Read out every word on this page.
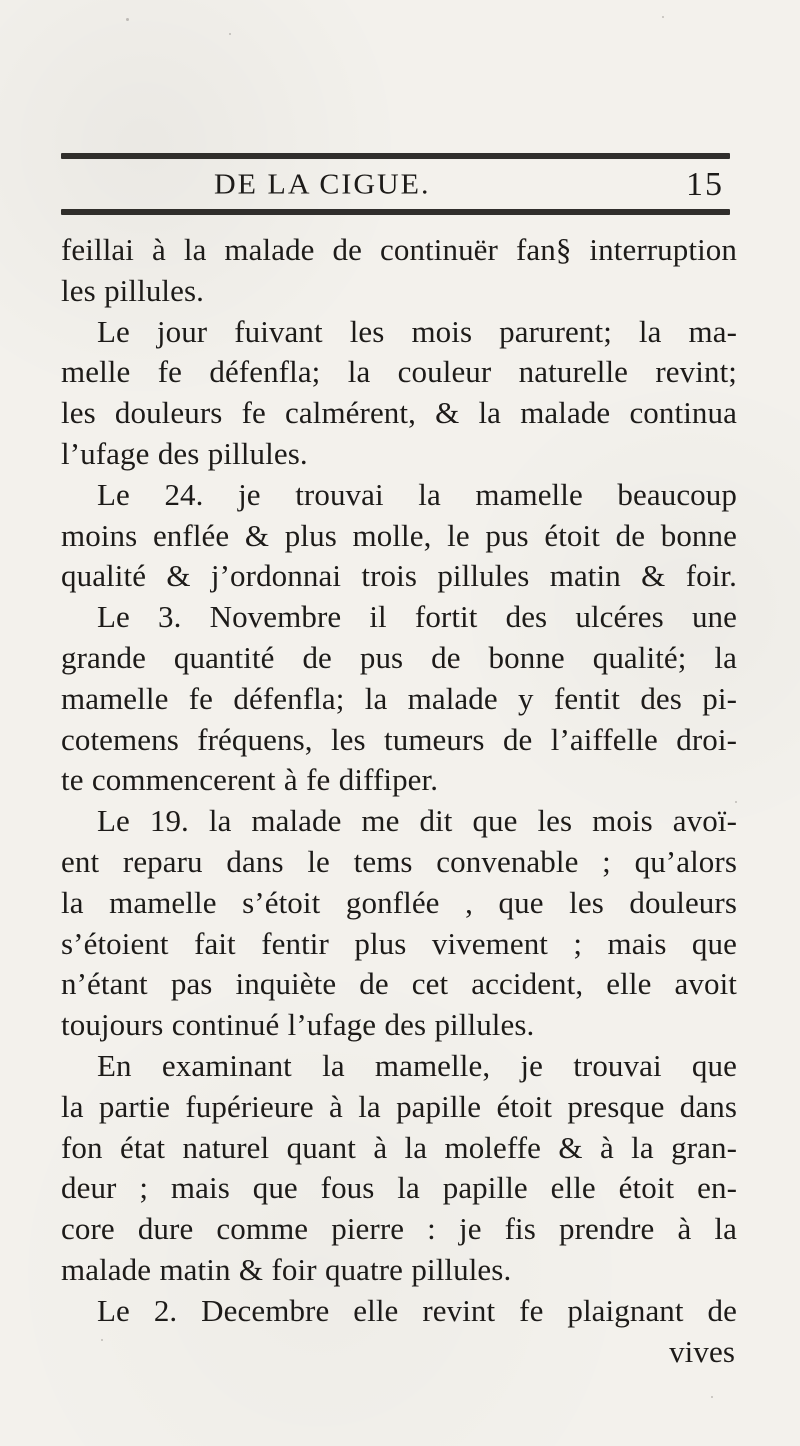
DE LA CIGUE.	15
feillai à la malade de continuër fan§ interruption
les pillules.
Le jour fuivant les mois parurent; la ma-
melle fe défenfla; la couleur naturelle revint;
les douleurs fe calmérent, & la malade continua
l’ufage des pillules.
Le 24. je trouvai la mamelle beaucoup
moins enflée & plus molle, le pus étoit de bonne
qualité & j’ordonnai trois pillules matin & foir.
Le 3. Novembre il fortit des ulcéres une
grande quantité de pus de bonne qualité; la
mamelle fe défenfla; la malade y fentit des pi-
cotemens fréquens, les tumeurs de l’aiffelle droi-
te commencerent à fe diffiper.
Le 19. la malade me dit que les mois avoï-
ent reparu dans le tems convenable ; qu’alors
la mamelle s’étoit gonflée , que les douleurs
s’étoient fait fentir plus vivement ; mais que
n’étant pas inquiète de cet accident, elle avoit
toujours continué l’ufage des pillules.
En examinant la mamelle, je trouvai que
la partie fupérieure à la papille étoit presque dans
fon état naturel quant à la moleffe & à la gran-
deur ; mais que fous la papille elle étoit en-
core dure comme pierre : je fis prendre à la
malade matin & foir quatre pillules.
Le 2. Decembre elle revint fe plaignant de
vives
